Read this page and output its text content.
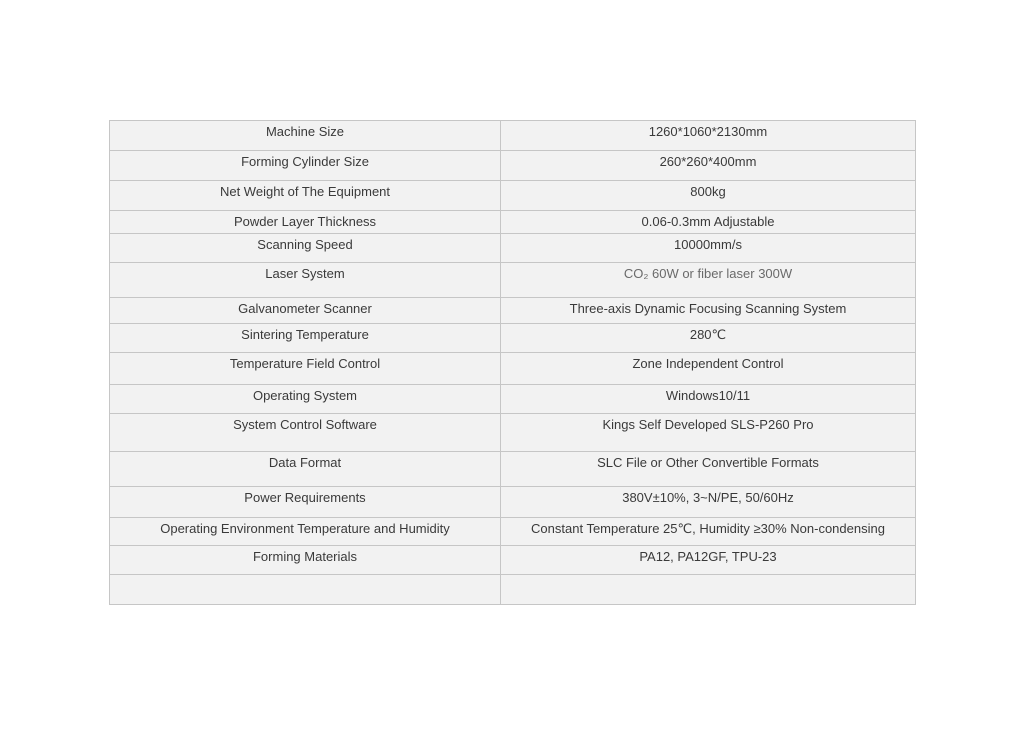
Machine Size	1260*1060*2130mm
Forming Cylinder Size	260*260*400mm
Net Weight of The Equipment	800kg
Powder Layer Thickness	0.06-0.3mm Adjustable
Scanning Speed	10000mm/s
Laser System	CO₂ 60W or fiber laser 300W
Galvanometer Scanner	Three-axis Dynamic Focusing Scanning System
Sintering Temperature	280℃
Temperature Field Control	Zone Independent Control
Operating System	Windows10/11
System Control Software	Kings Self Developed SLS-P260 Pro
Data Format	SLC File or Other Convertible Formats
Power Requirements	380V±10%, 3~N/PE, 50/60Hz
Operating Environment Temperature and Humidity	Constant Temperature 25℃, Humidity ≥30% Non-condensing
Forming Materials	PA12, PA12GF, TPU-23
